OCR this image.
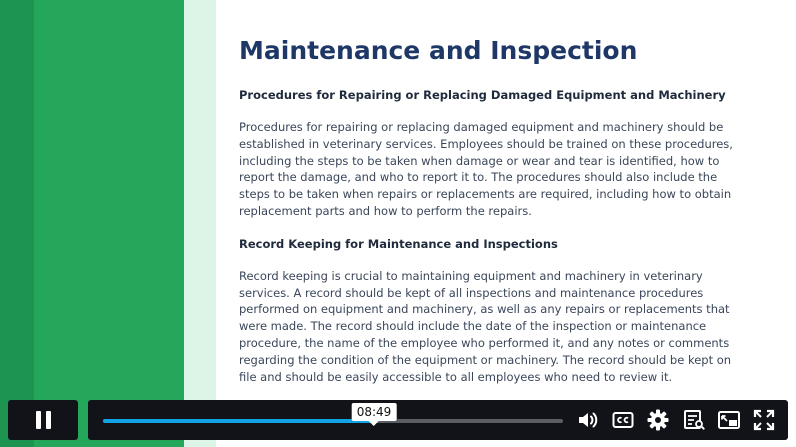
Maintenance and Inspection
Procedures for Repairing or Replacing Damaged Equipment and Machinery

Procedures for repairing or replacing damaged equipment and machinery should be established in veterinary services. Employees should be trained on these procedures, including the steps to be taken when damage or wear and tear is identified, how to report the damage, and who to report it to. The procedures should also include the steps to be taken when repairs or replacements are required, including how to obtain replacement parts and how to perform the repairs.

Record Keeping for Maintenance and Inspections

Record keeping is crucial to maintaining equipment and machinery in veterinary services. A record should be kept of all inspections and maintenance procedures performed on equipment and machinery, as well as any repairs or replacements that were made. The record should include the date of the inspection or maintenance procedure, the name of the employee who performed it, and any notes or comments regarding the condition of the equipment or machinery. The record should be kept on file and should be easily accessible to all employees who need to review it.

08:49
